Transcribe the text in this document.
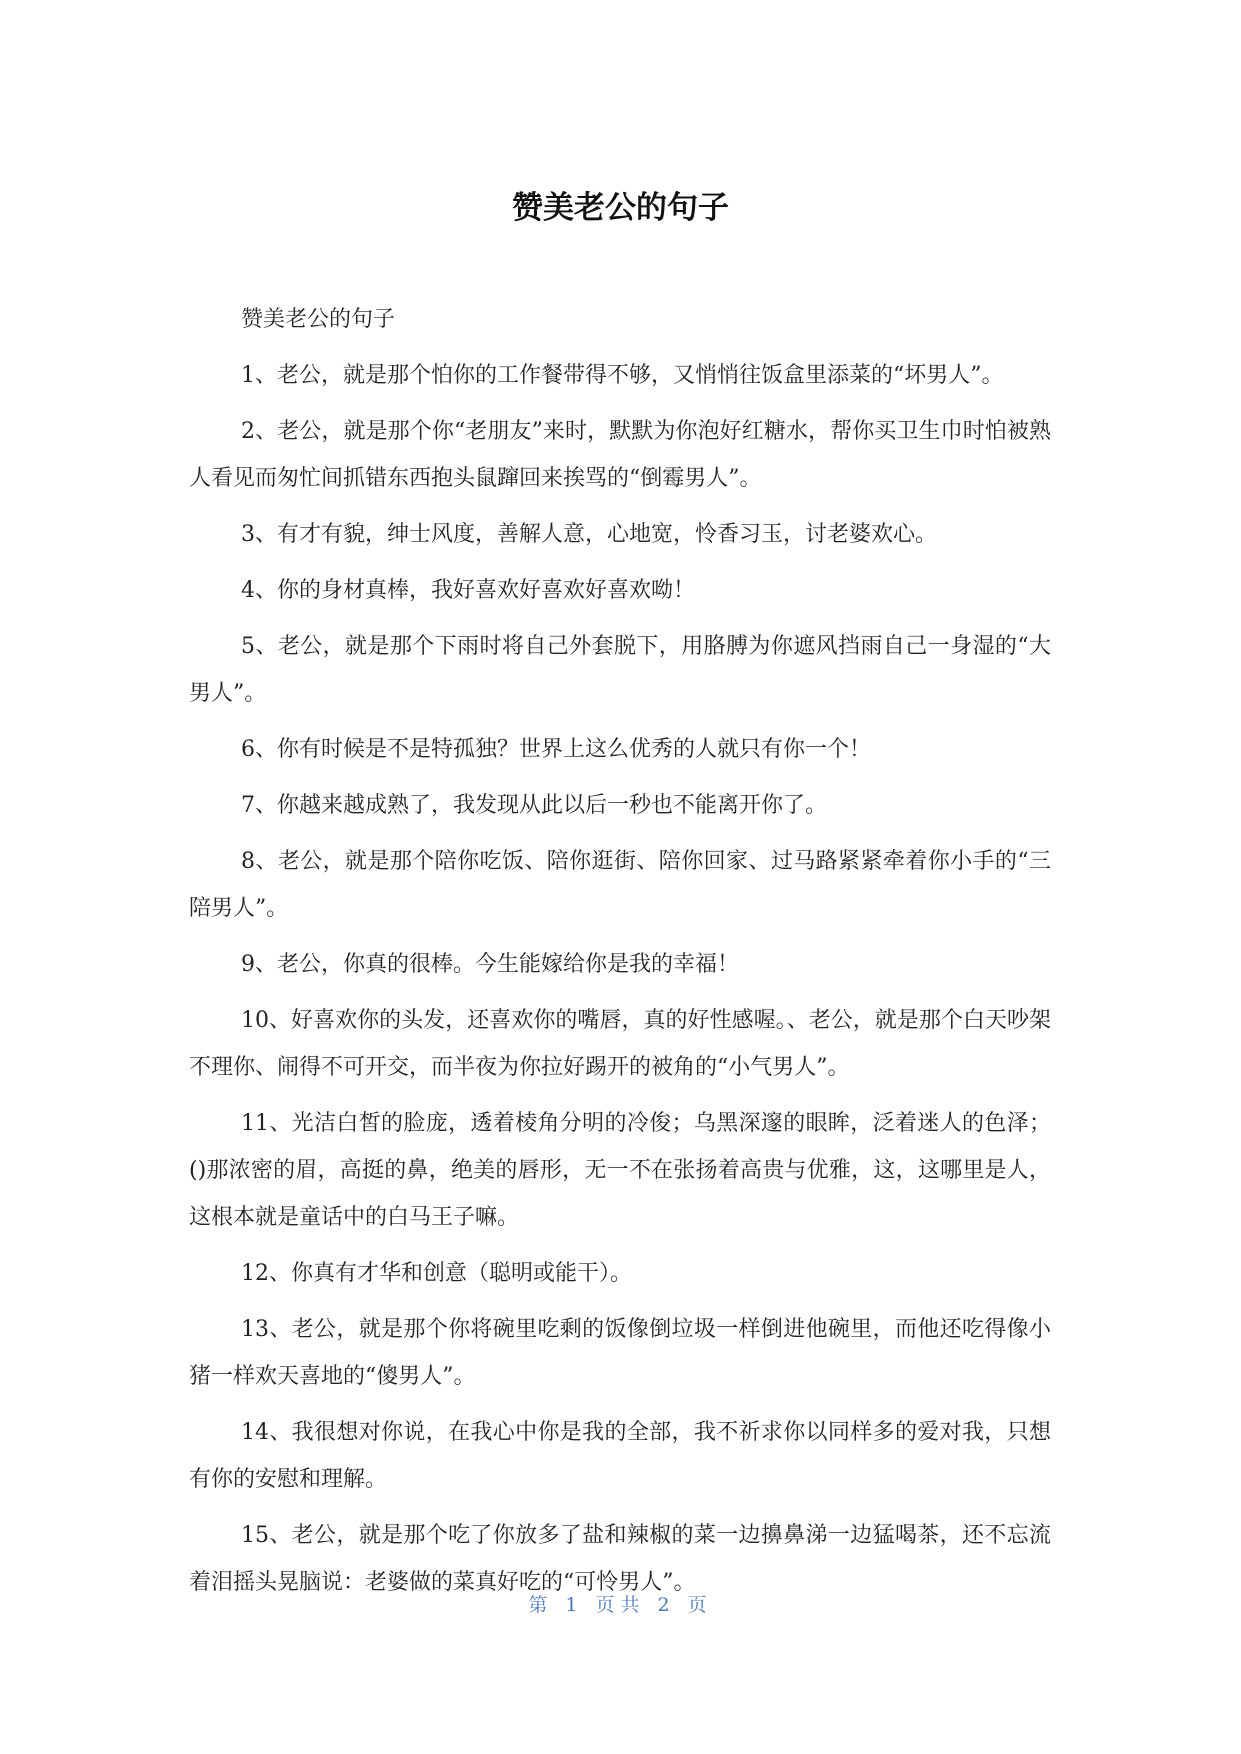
赞美老公的句子

赞美老公的句子

1、老公，就是那个怕你的工作餐带得不够，又悄悄往饭盒里添菜的“坏男人”。

2、老公，就是那个你“老朋友”来时，默默为你泡好红糖水，帮你买卫生巾时怕被熟人看见而匆忙间抓错东西抱头鼠蹿回来挨骂的“倒霉男人”。

3、有才有貌，绅士风度，善解人意，心地宽，怜香习玉，讨老婆欢心。

4、你的身材真棒，我好喜欢好喜欢好喜欢呦！

5、老公，就是那个下雨时将自己外套脱下，用胳膊为你遮风挡雨自己一身湿的“大男人”。

6、你有时候是不是特孤独？世界上这么优秀的人就只有你一个！

7、你越来越成熟了，我发现从此以后一秒也不能离开你了。

8、老公，就是那个陪你吃饭、陪你逛街、陪你回家、过马路紧紧牵着你小手的“三陪男人”。

9、老公，你真的很棒。今生能嫁给你是我的幸福！

10、好喜欢你的头发，还喜欢你的嘴唇，真的好性感喔。、老公，就是那个白天吵架不理你、闹得不可开交，而半夜为你拉好踢开的被角的“小气男人”。

11、光洁白皙的脸庞，透着棱角分明的冷俊；乌黑深邃的眼眸，泛着迷人的色泽；()那浓密的眉，高挺的鼻，绝美的唇形，无一不在张扬着高贵与优雅，这，这哪里是人，这根本就是童话中的白马王子嘛。

12、你真有才华和创意（聪明或能干）。

13、老公，就是那个你将碗里吃剩的饭像倒垃圾一样倒进他碗里，而他还吃得像小猪一样欢天喜地的“傻男人”。

14、我很想对你说，在我心中你是我的全部，我不祈求你以同样多的爱对我，只想有你的安慰和理解。

15、老公，就是那个吃了你放多了盐和辣椒的菜一边擤鼻涕一边猛喝茶，还不忘流着泪摇头晃脑说：老婆做的菜真好吃的“可怜男人”。

第 1 页共 2 页
